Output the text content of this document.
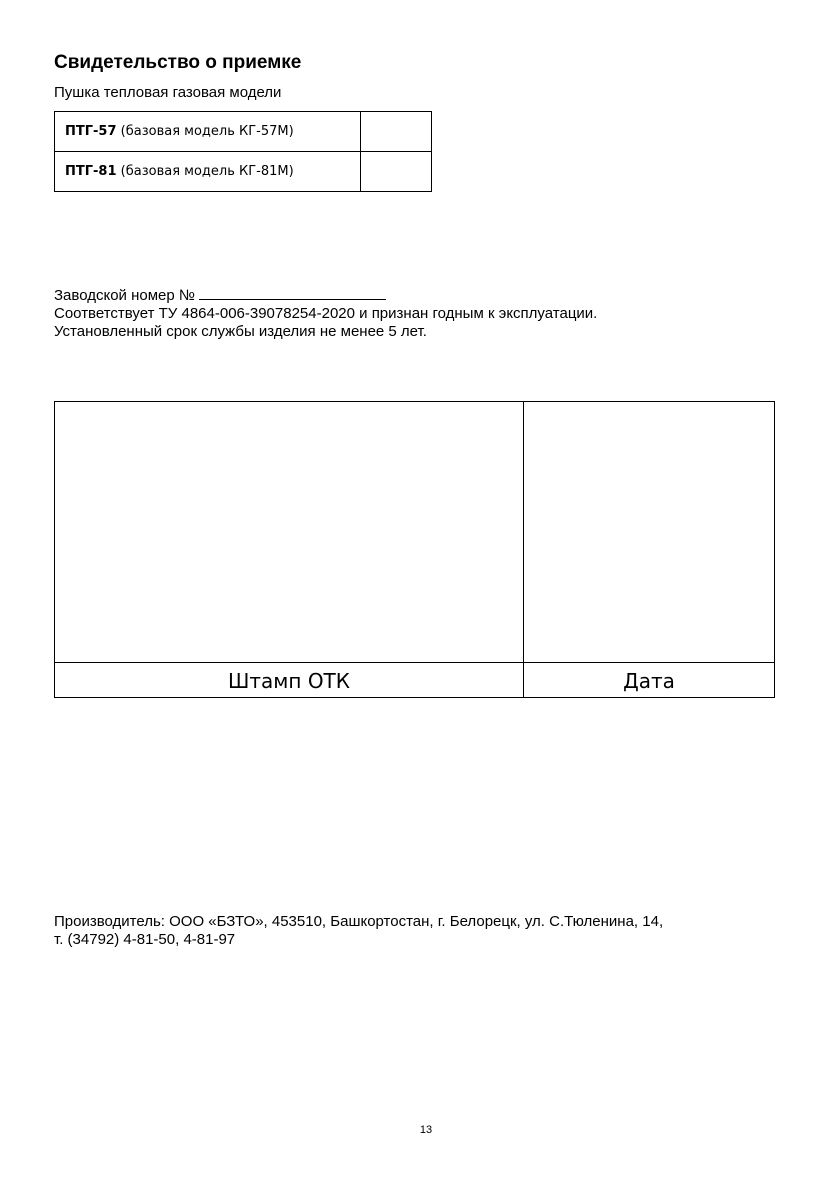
Свидетельство о приемке
Пушка тепловая газовая модели
ПТГ-57 (базовая модель КГ-57М)	
ПТГ-81 (базовая модель КГ-81М)	
Заводской номер №
Соответствует ТУ 4864-006-39078254-2020 и признан годным к эксплуатации.
Установленный срок службы изделия не менее 5 лет.
Штамп ОТК	Дата
Производитель: ООО «БЗТО», 453510, Башкортостан, г. Белорецк, ул. С.Тюленина, 14,
т. (34792) 4-81-50, 4-81-97
13
